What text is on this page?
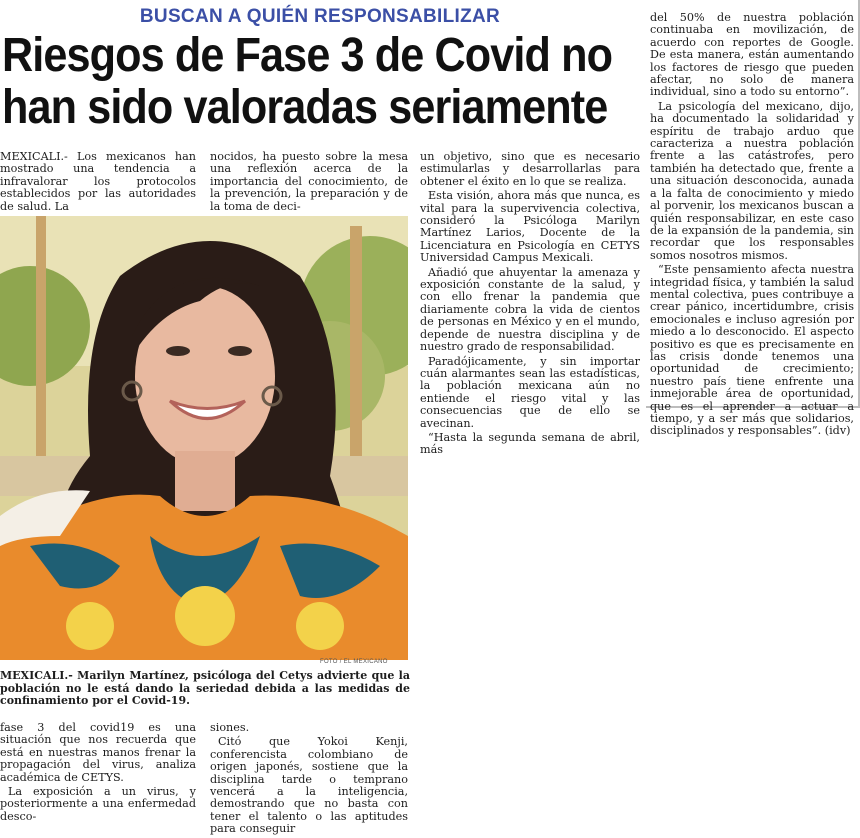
BUSCAN A QUIÉN RESPONSABILIZAR
Riesgos de Fase 3 de Covid no han sido valoradas seriamente

MEXICALI.- Los mexicanos han mostrado una tendencia a infravalorar los protocolos establecidos por las autoridades de salud. La

nocidos, ha puesto sobre la mesa una reflexión acerca de la importancia del conocimiento, de la prevención, la preparación y de la toma de deci-

FOTO / EL MEXICANO
MEXICALI.- Marilyn Martínez, psicóloga del Cetys advierte que la población no le está dando la seriedad debida a las medidas de confinamiento por el Covid-19.

un objetivo, sino que es necesario estimularlas y desarrollarlas para obtener el éxito en lo que se realiza.

Esta visión, ahora más que nunca, es vital para la supervivencia colectiva, consideró la Psicóloga Marilyn Martínez Larios, Docente de la Licenciatura en Psicología en CETYS Universidad Campus Mexicali.

Añadió que ahuyentar la amenaza y exposición constante de la salud, y con ello frenar la pandemia que diariamente cobra la vida de cientos de personas en México y en el mundo, depende de nuestra disciplina y de nuestro grado de responsabilidad.

Paradójicamente, y sin importar cuán alarmantes sean las estadísticas, la población mexicana aún no entiende el riesgo vital y las consecuencias que de ello se avecinan.

“Hasta la segunda semana de abril, más

del 50% de nuestra población continuaba en movilización, de acuerdo con reportes de Google. De esta manera, están aumentando los factores de riesgo que pueden afectar, no solo de manera individual, sino a todo su entorno”.

La psicología del mexicano, dijo, ha documentado la solidaridad y espíritu de trabajo arduo que caracteriza a nuestra población frente a las catástrofes, pero también ha detectado que, frente a una situación desconocida, aunada a la falta de conocimiento y miedo al porvenir, los mexicanos buscan a quién responsabilizar, en este caso de la expansión de la pandemia, sin recordar que los responsables somos nosotros mismos.

“Este pensamiento afecta nuestra integridad física, y también la salud mental colectiva, pues contribuye a crear pánico, incertidumbre, crisis emocionales e incluso agresión por miedo a lo desconocido. El aspecto positivo es que es precisamente en las crisis donde tenemos una oportunidad de crecimiento; nuestro país tiene enfrente una inmejorable área de oportunidad, que es el aprender a actuar a tiempo, y a ser más que solidarios, disciplinados y responsables”. (idv)

fase 3 del covid19 es una situación que nos recuerda que está en nuestras manos frenar la propagación del virus, analiza académica de CETYS.

La exposición a un virus, y posteriormente a una enfermedad desco-

siones.

Citó que Yokoi Kenji, conferencista colombiano de origen japonés, sostiene que la disciplina tarde o temprano vencerá a la inteligencia, demostrando que no basta con tener el talento o las aptitudes para conseguir
